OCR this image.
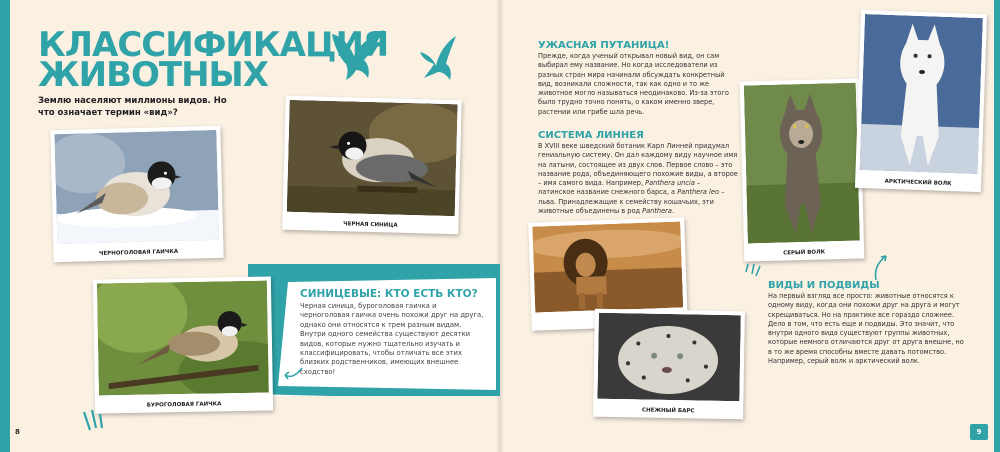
КЛАССИФИКАЦИЯ
ЖИВОТНЫХ
Землю населяют миллионы видов. Но что означает термин «вид»?
ЧЕРНОГОЛОВАЯ ГАИЧКА
ЧЕРНАЯ СИНИЦА
СИНИЦЕВЫЕ: КТО ЕСТЬ КТО?
Черная синица, буроголовая гаичка и черноголовая гаичка очень похожи друг на друга, однако они относятся к трем разным видам. Внутри одного семейства существуют десятки видов, которые нужно тщательно изучать и классифицировать, чтобы отличать все этих близких родственников, имеющих внешнее сходство!
БУРОГОЛОВАЯ ГАИЧКА
8
УЖАСНАЯ ПУТАНИЦА!
Прежде, когда ученый открывал новый вид, он сам выбирал ему название. Но когда исследователи из разных стран мира начинали обсуждать конкретный вид, возникали сложности, так как одно и то же животное могло называться неодинаково. Из-за этого было трудно точно понять, о каком именно звере, растении или грибе шла речь.
СИСТЕМА ЛИННЕЯ
В XVIII веке шведский ботаник Карл Линней придумал гениальную систему. Он дал каждому виду научное имя на латыни, состоящее из двух слов. Первое слово – это название рода, объединяющего похожие виды, а второе – имя самого вида. Например, Panthera uncia – латинское название снежного барса, а Panthera leo – льва. Принадлежащие к семейству кошачьих, эти животные объединены в род Panthera.
ВИДЫ И ПОДВИДЫ
На первый взгляд все просто: животные относятся к одному виду, когда они похожи друг на друга и могут скрещиваться. Но на практике все гораздо сложнее. Дело в том, что есть еще и подвиды. Это значит, что внутри одного вида существуют группы животных, которые немного отличаются друг от друга внешне, но в то же время способны вместе давать потомство. Например, серый волк и арктический волк.
СНЕЖНЫЙ БАРС
СЕРЫЙ ВОЛК
АРКТИЧЕСКИЙ ВОЛК
9
